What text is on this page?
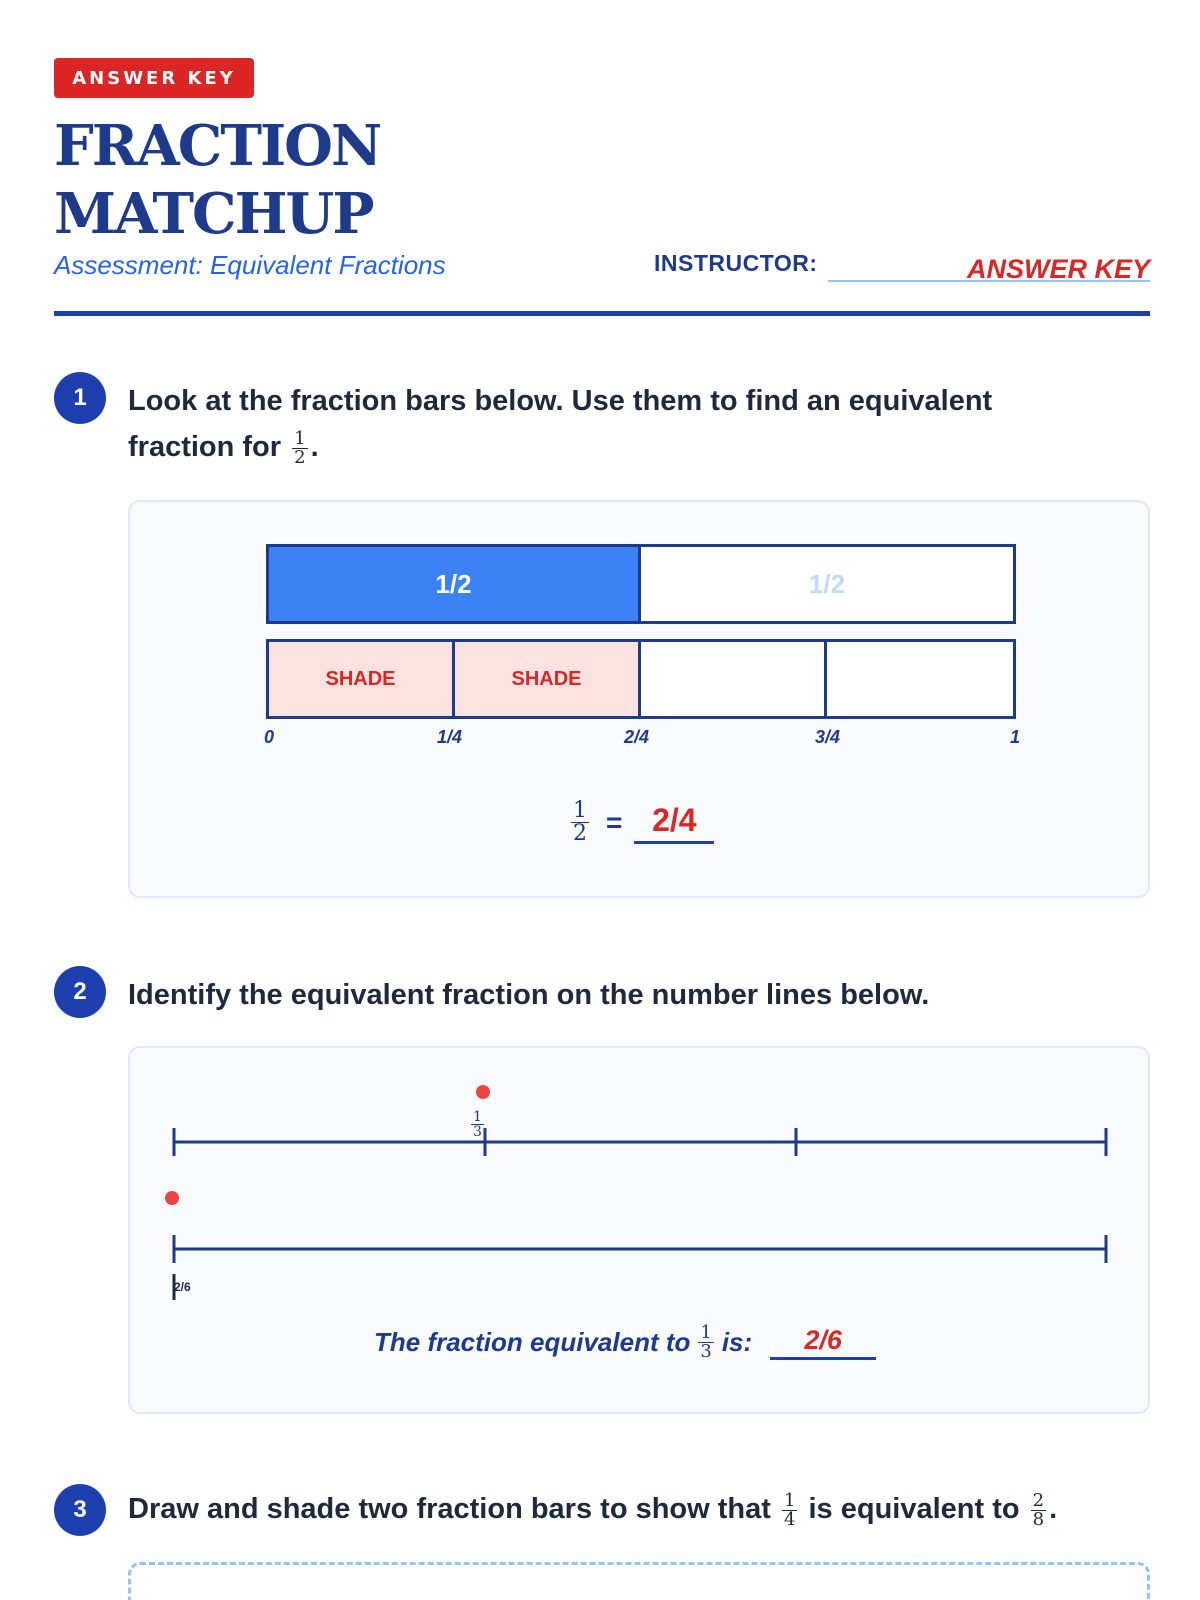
ANSWER KEY
FRACTION
MATCHUP
Assessment: Equivalent Fractions	INSTRUCTOR:	ANSWER KEY
1	Look at the fraction bars below. Use them to find an equivalent
fraction for $\frac{1}{2}$ .
1/2	1/2
SHADE	SHADE
0	1/4	2/4	3/4	1
$\frac{1}{2} = 2/4$
2	Identify the equivalent fraction on the number lines below.
$\frac{1}{3}$
2/6
The fraction equivalent to $\frac{1}{3}$ is:	2/6
3	Draw and shade two fraction bars to show that $\frac{1}{4}$ is equivalent to $\frac{2}{8}$ .
